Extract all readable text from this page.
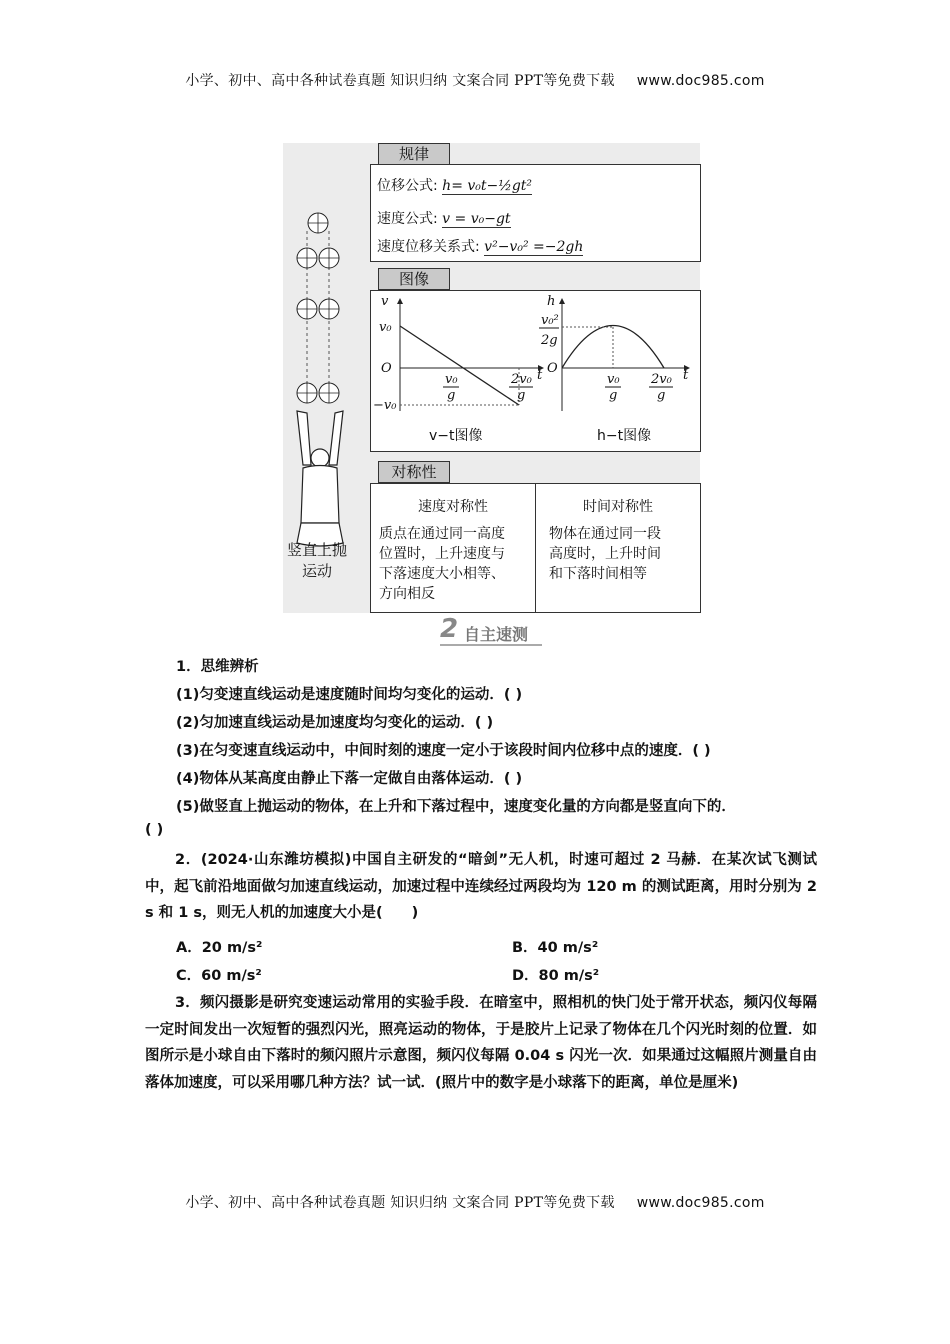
小学、初中、高中各种试卷真题 知识归纳 文案合同 PPT等免费下载 www.doc985.com
竖直上抛
运动
规律
位移公式: h= v₀t−½gt²
速度公式: v = v₀−gt
速度位移关系式: v²−v₀² =−2gh
图像
v
v₀
O
−v₀
t
v₀
g
2v₀
g
h
v₀²
2g
O	t
v₀
g
2v₀
g
v−t图像	h−t图像
对称性
速度对称性
质点在通过同一高度
位置时，上升速度与
下落速度大小相等、
方向相反
时间对称性
物体在通过同一段
高度时，上升时间
和下落时间相等
2 自主速测
1．思维辨析
(1)匀变速直线运动是速度随时间均匀变化的运动．( )
(2)匀加速直线运动是加速度均匀变化的运动．( )
(3)在匀变速直线运动中，中间时刻的速度一定小于该段时间内位移中点的速度．( )
(4)物体从某高度由静止下落一定做自由落体运动．( )
(5)做竖直上抛运动的物体，在上升和下落过程中，速度变化量的方向都是竖直向下的．
( )
2．(2024·山东潍坊模拟)中国自主研发的“暗剑”无人机，时速可超过 2 马赫．在某次试飞测试中，起飞前沿地面做匀加速直线运动，加速过程中连续经过两段均为 120 m 的测试距离，用时分别为 2 s 和 1 s，则无人机的加速度大小是(　　)
A．20 m/s²	B．40 m/s²
C．60 m/s²	D．80 m/s²
3．频闪摄影是研究变速运动常用的实验手段．在暗室中，照相机的快门处于常开状态，频闪仪每隔一定时间发出一次短暂的强烈闪光，照亮运动的物体，于是胶片上记录了物体在几个闪光时刻的位置．如图所示是小球自由下落时的频闪照片示意图，频闪仪每隔 0.04 s 闪光一次．如果通过这幅照片测量自由落体加速度，可以采用哪几种方法？试一试．(照片中的数字是小球落下的距离，单位是厘米)
小学、初中、高中各种试卷真题 知识归纳 文案合同 PPT等免费下载 www.doc985.com
